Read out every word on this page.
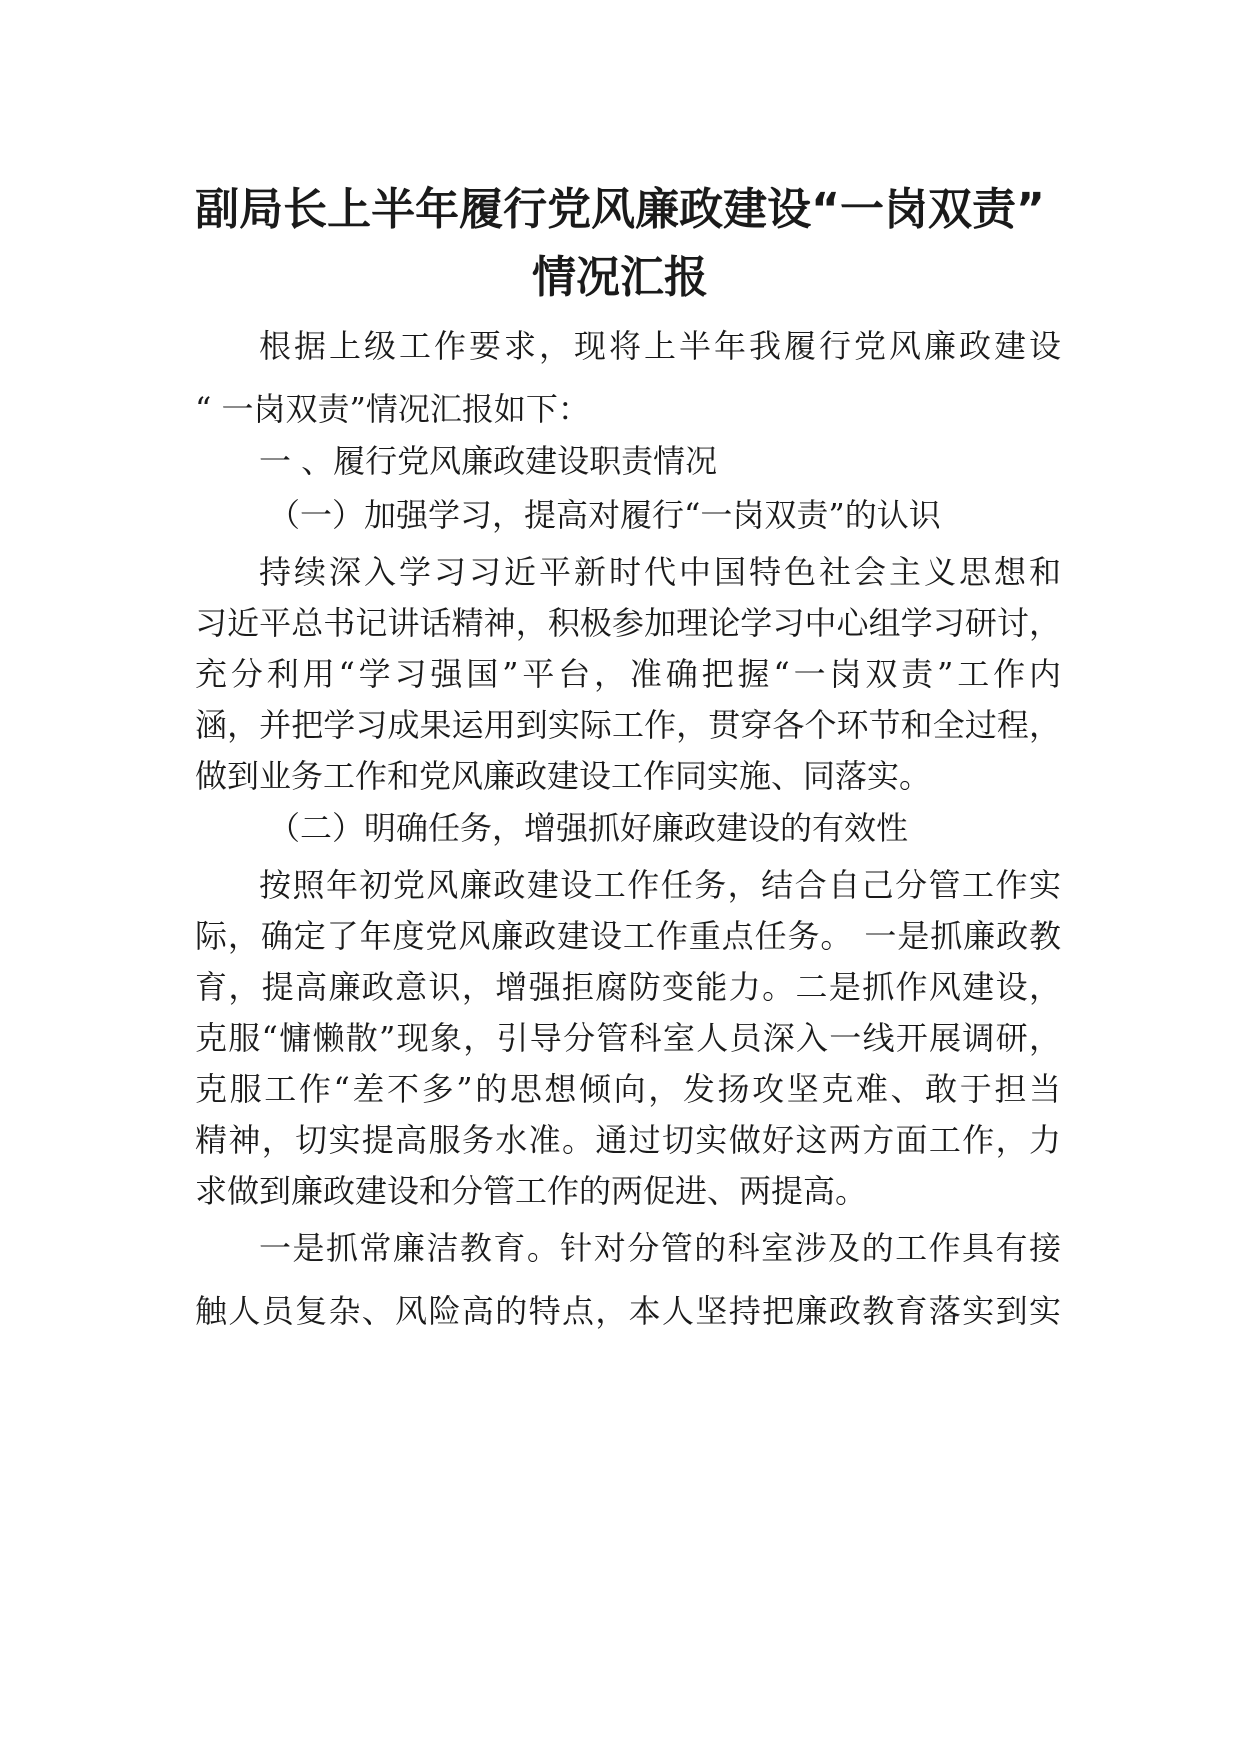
副局长上半年履行党风廉政建设“一岗双责”
情况汇报
根据上级工作要求，现将上半年我履行党风廉政建设
“ 一岗双责”情况汇报如下：
一 、履行党风廉政建设职责情况
（一）加强学习，提高对履行“一岗双责”的认识
持续深入学习习近平新时代中国特色社会主义思想和
习近平总书记讲话精神，积极参加理论学习中心组学习研讨，
充分利用“学习强国”平台，准确把握“一岗双责”工作内
涵，并把学习成果运用到实际工作，贯穿各个环节和全过程，
做到业务工作和党风廉政建设工作同实施、同落实。
（二）明确任务，增强抓好廉政建设的有效性
按照年初党风廉政建设工作任务，结合自己分管工作实
际，确定了年度党风廉政建设工作重点任务。 一是抓廉政教
育，提高廉政意识，增强拒腐防变能力。二是抓作风建设，
克服“慵懒散”现象，引导分管科室人员深入一线开展调研，
克服工作“差不多”的思想倾向，发扬攻坚克难、敢于担当
精神，切实提高服务水准。通过切实做好这两方面工作，力
求做到廉政建设和分管工作的两促进、两提高。
一是抓常廉洁教育。针对分管的科室涉及的工作具有接
触人员复杂、风险高的特点，本人坚持把廉政教育落实到实
